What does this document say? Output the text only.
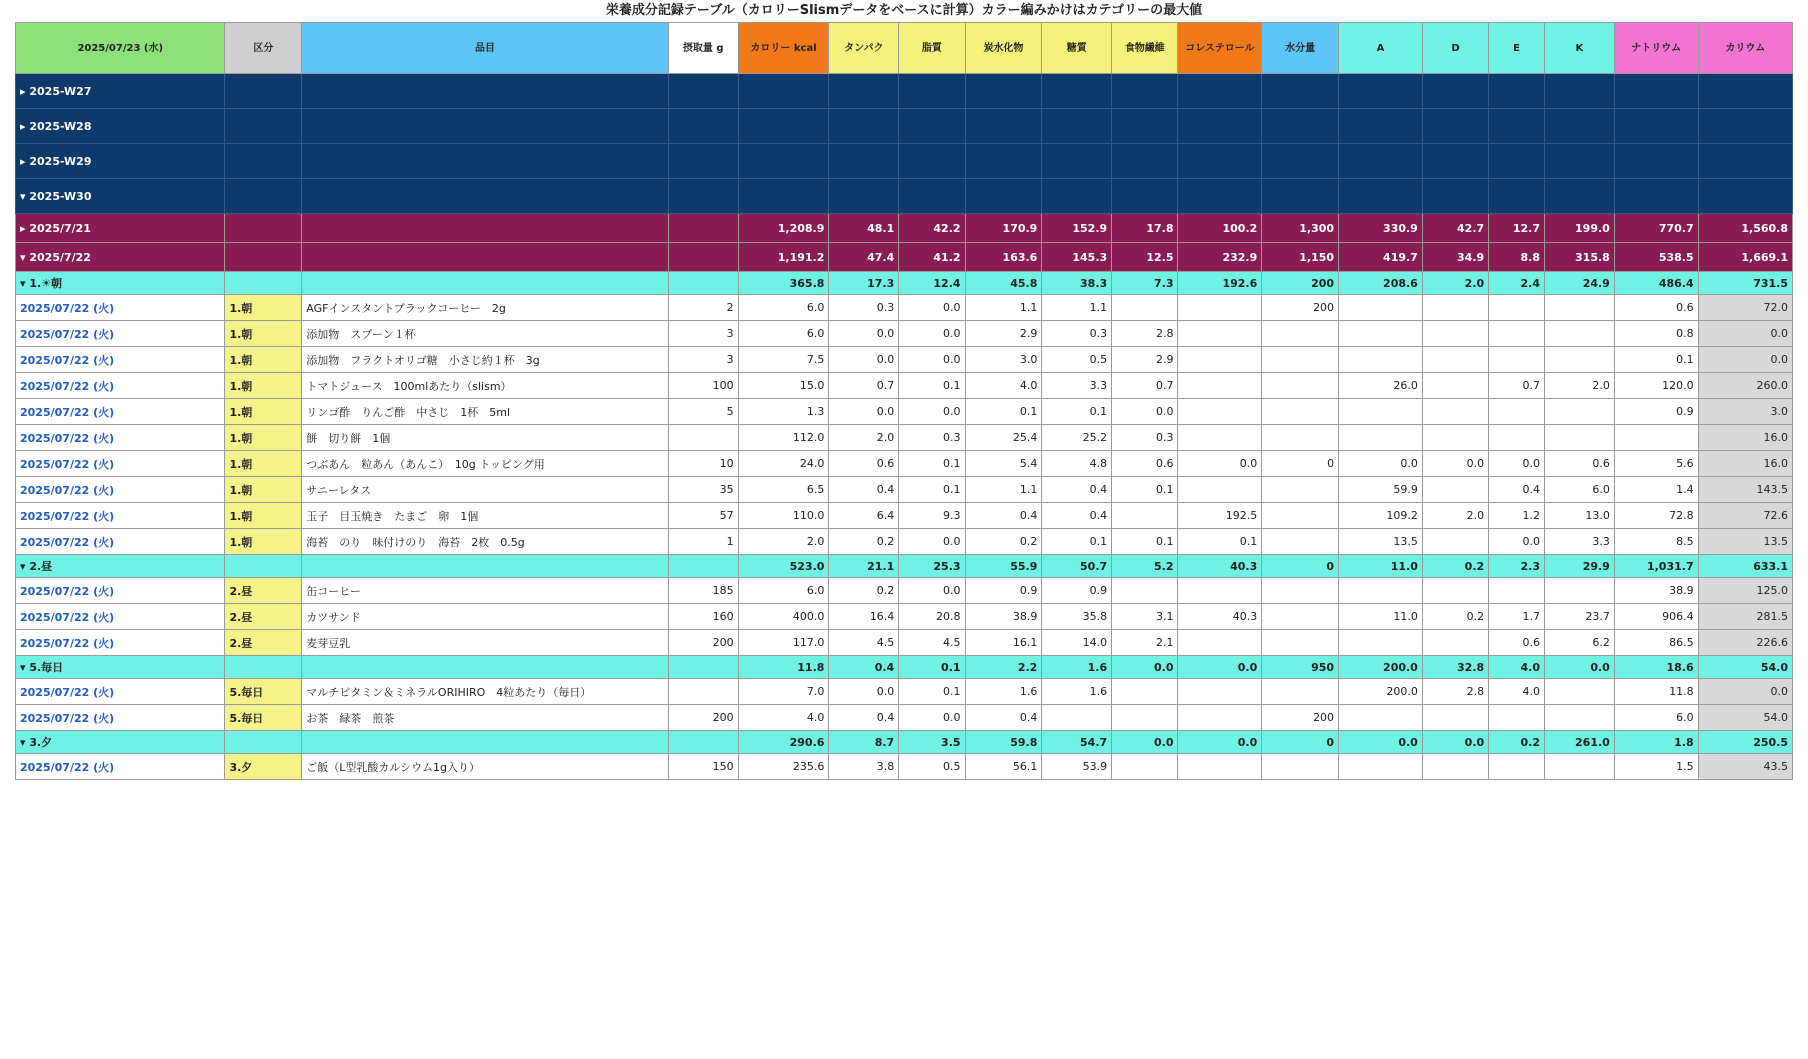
栄養成分記録テーブル（カロリーSlismデータをベースに計算）カラー編みかけはカテゴリーの最大値
2025/07/23 (水)	区分	品目	摂取量 g	カロリー kcal	タンパク	脂質	炭水化物	糖質	食物繊維	コレステロール	水分量	A	D	E	K	ナトリウム	カリウム
▸ 2025-W27																	
▸ 2025-W28																	
▸ 2025-W29																	
▾ 2025-W30																	
▸ 2025/7/21				1,208.9	48.1	42.2	170.9	152.9	17.8	100.2	1,300	330.9	42.7	12.7	199.0	770.7	1,560.8
▾ 2025/7/22				1,191.2	47.4	41.2	163.6	145.3	12.5	232.9	1,150	419.7	34.9	8.8	315.8	538.5	1,669.1
▾ 1.☀朝				365.8	17.3	12.4	45.8	38.3	7.3	192.6	200	208.6	2.0	2.4	24.9	486.4	731.5
2025/07/22 (火)	1.朝	AGFインスタントブラックコーヒー　2g	2	6.0	0.3	0.0	1.1	1.1			200					0.6	72.0
2025/07/22 (火)	1.朝	添加物　スプーン１杯	3	6.0	0.0	0.0	2.9	0.3	2.8							0.8	0.0
2025/07/22 (火)	1.朝	添加物　フラクトオリゴ糖　小さじ約１杯　3g	3	7.5	0.0	0.0	3.0	0.5	2.9							0.1	0.0
2025/07/22 (火)	1.朝	トマトジュース　100mlあたり（slism）	100	15.0	0.7	0.1	4.0	3.3	0.7			26.0		0.7	2.0	120.0	260.0
2025/07/22 (火)	1.朝	リンゴ酢　りんご酢　中さじ　1杯　5ml	5	1.3	0.0	0.0	0.1	0.1	0.0							0.9	3.0
2025/07/22 (火)	1.朝	餅　切り餅　1個		112.0	2.0	0.3	25.4	25.2	0.3								16.0
2025/07/22 (火)	1.朝	つぶあん　粒あん（あんこ）　10g トッピング用	10	24.0	0.6	0.1	5.4	4.8	0.6	0.0	0	0.0	0.0	0.0	0.6	5.6	16.0
2025/07/22 (火)	1.朝	サニーレタス	35	6.5	0.4	0.1	1.1	0.4	0.1			59.9		0.4	6.0	1.4	143.5
2025/07/22 (火)	1.朝	玉子　目玉焼き　たまご　卵　1個	57	110.0	6.4	9.3	0.4	0.4		192.5		109.2	2.0	1.2	13.0	72.8	72.6
2025/07/22 (火)	1.朝	海苔　のり　味付けのり　海苔　2枚　0.5g	1	2.0	0.2	0.0	0.2	0.1	0.1	0.1		13.5		0.0	3.3	8.5	13.5
▾ 2.昼				523.0	21.1	25.3	55.9	50.7	5.2	40.3	0	11.0	0.2	2.3	29.9	1,031.7	633.1
2025/07/22 (火)	2.昼	缶コーヒー	185	6.0	0.2	0.0	0.9	0.9								38.9	125.0
2025/07/22 (火)	2.昼	カツサンド	160	400.0	16.4	20.8	38.9	35.8	3.1	40.3		11.0	0.2	1.7	23.7	906.4	281.5
2025/07/22 (火)	2.昼	麦芽豆乳	200	117.0	4.5	4.5	16.1	14.0	2.1					0.6	6.2	86.5	226.6
▾ 5.毎日				11.8	0.4	0.1	2.2	1.6	0.0	0.0	950	200.0	32.8	4.0	0.0	18.6	54.0
2025/07/22 (火)	5.毎日	マルチビタミン＆ミネラルORIHIRO　4粒あたり（毎日）		7.0	0.0	0.1	1.6	1.6				200.0	2.8	4.0		11.8	0.0
2025/07/22 (火)	5.毎日	お茶　緑茶　煎茶	200	4.0	0.4	0.0	0.4				200					6.0	54.0
▾ 3.夕				290.6	8.7	3.5	59.8	54.7	0.0	0.0	0	0.0	0.0	0.2	261.0	1.8	250.5
2025/07/22 (火)	3.夕	ご飯（L型乳酸カルシウム1g入り）	150	235.6	3.8	0.5	56.1	53.9								1.5	43.5
